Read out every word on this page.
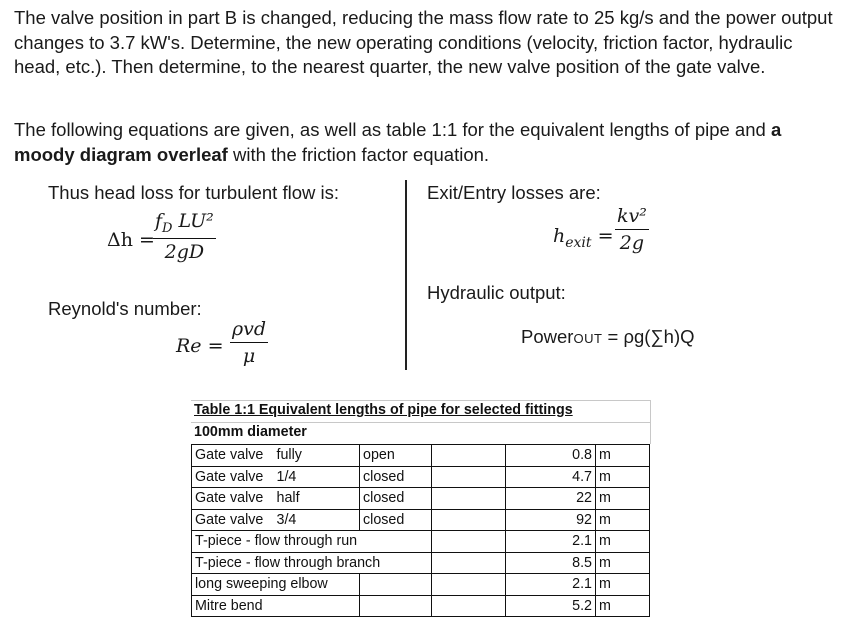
The valve position in part B is changed, reducing the mass flow rate to 25 kg/s and the power output changes to 3.7 kW's. Determine, the new operating conditions (velocity, friction factor, hydraulic head, etc.). Then determine, to the nearest quarter, the new valve position of the gate valve.

The following equations are given, as well as table 1:1 for the equivalent lengths of pipe and a moody diagram overleaf with the friction factor equation.

Thus head loss for turbulent flow is:
Δh =
$\frac{f_D LU^2}{2gD}$
Reynold's number:
Re =
ρvd
μ
Exit/Entry losses are:
$h_{exit} = \frac{\text{kv²}}{2g}$
Hydraulic output:
PowerOUT = ρg(∑h)Q
Table 1:1 Equivalent lengths of pipe for selected fittings
100mm diameter
Gate valve	fully	open		0.8	m
Gate valve	1/4	closed		4.7	m
Gate valve	half	closed		22	m
Gate valve	3/4	closed		92	m
T-piece - flow through run				2.1	m
T-piece - flow through branch				8.5	m
long sweeping elbow				2.1	m
Mitre bend				5.2	m
